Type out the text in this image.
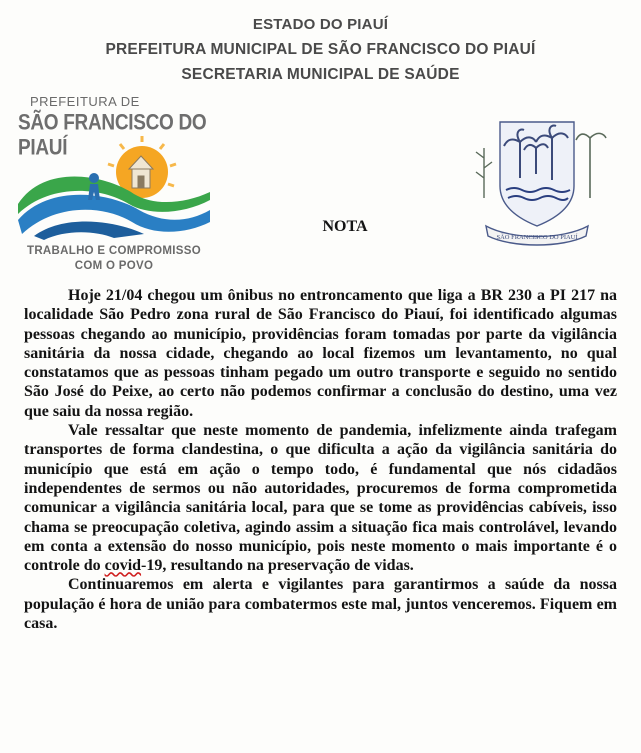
ESTADO DO PIAUÍ
PREFEITURA MUNICIPAL DE SÃO FRANCISCO DO PIAUÍ
SECRETARIA MUNICIPAL DE SAÚDE
PREFEITURA DE
SÃO FRANCISCO DO PIAUÍ
TRABALHO E COMPROMISSO
COM O POVO
SÃO FRANCISCO DO PIAUÍ
NOTA

Hoje 21/04 chegou um ônibus no entroncamento que liga a BR 230 a PI 217 na localidade São Pedro zona rural de São Francisco do Piauí, foi identificado algumas pessoas chegando ao município, providências foram tomadas por parte da vigilância sanitária da nossa cidade, chegando ao local fizemos um levantamento, no qual constatamos que as pessoas tinham pegado um outro transporte e seguido no sentido São José do Peixe, ao certo não podemos confirmar a conclusão do destino, uma vez que saiu da nossa região.

Vale ressaltar que neste momento de pandemia, infelizmente ainda trafegam transportes de forma clandestina, o que dificulta a ação da vigilância sanitária do município que está em ação o tempo todo, é fundamental que nós cidadãos independentes de sermos ou não autoridades, procuremos de forma comprometida comunicar a vigilância sanitária local, para que se tome as providências cabíveis, isso chama se preocupação coletiva, agindo assim a situação fica mais controlável, levando em conta a extensão do nosso município, pois neste momento o mais importante é o controle do covid-19, resultando na preservação de vidas.

Continuaremos em alerta e vigilantes para garantirmos a saúde da nossa população é hora de união para combatermos este mal, juntos venceremos. Fiquem em casa.
